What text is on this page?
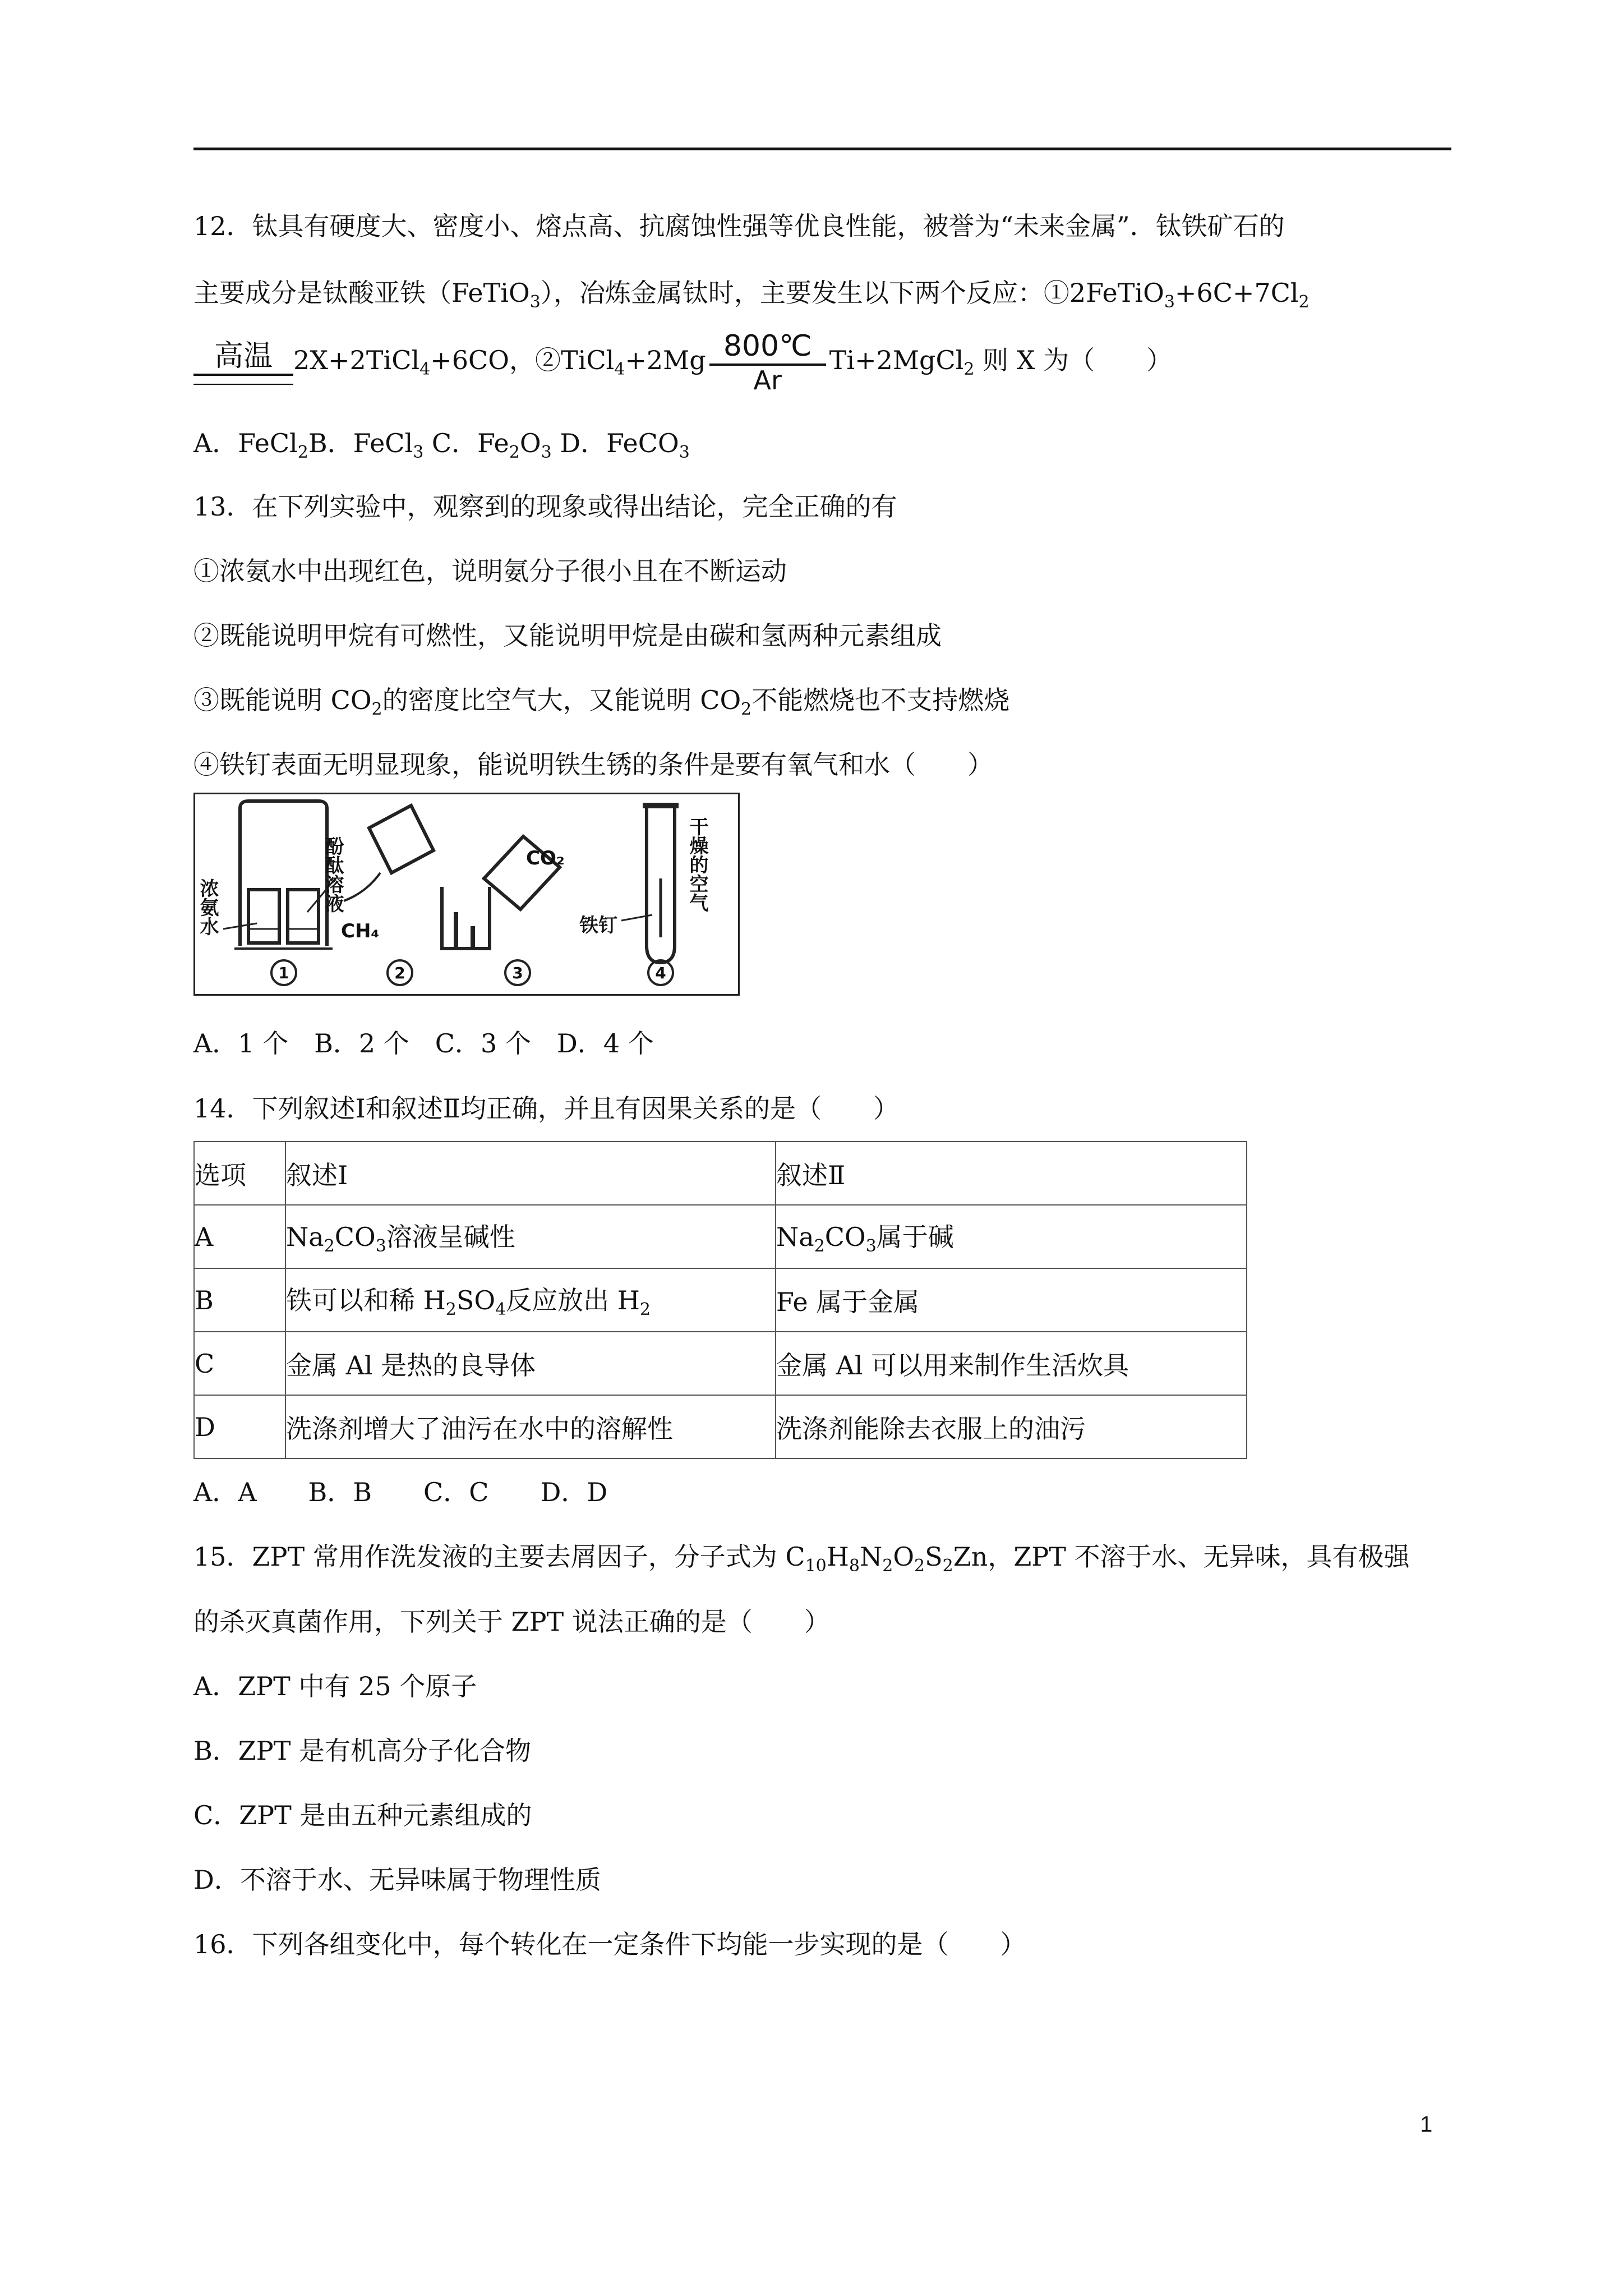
12．钛具有硬度大、密度小、熔点高、抗腐蚀性强等优良性能，被誉为“未来金属”．钛铁矿石的
主要成分是钛酸亚铁（FeTiO$_3$），冶炼金属钛时，主要发生以下两个反应：$①2FeTiO_3+6C+7Cl_2$
高温 2X+2TiCl$_4$+6CO，②TiCl$_4$+2Mg $\frac{800℃}{Ar}$ Ti+2MgCl$_2$ 则 X 为（　　）
A．FeCl$_2$B．FeCl$_3$ C．$Fe_2O_3$ D．FeCO$_3$
13．在下列实验中，观察到的现象或得出结论，完全正确的有
①浓氨水中出现红色，说明氨分子很小且在不断运动
②既能说明甲烷有可燃性，又能说明甲烷是由碳和氢两种元素组成
③既能说明 $CO_2$的密度比空气大，又能说明 $CO_2$不能燃烧也不支持燃烧
④铁钉表面无明显现象，能说明铁生锈的条件是要有氧气和水（　　）
浓氨水	酚酞溶液
CH₄
CO₂
铁钉
干燥的空气
1	2	3	4
A．1 个　B．2 个　C．3 个　D．4 个
14．下列叙述Ⅰ和叙述Ⅱ均正确，并且有因果关系的是（　　）
选项	叙述Ⅰ	叙述Ⅱ
A	$Na_2CO_3$溶液呈碱性	$Na_2CO_3$属于碱
B	铁可以和稀 $H_2SO_4$反应放出 $H_2$	Fe 属于金属
C	金属 Al 是热的良导体	金属 Al 可以用来制作生活炊具
D	洗涤剂增大了油污在水中的溶解性	洗涤剂能除去衣服上的油污
A．A　　B．B　　C．C　　D．D
15．ZPT 常用作洗发液的主要去屑因子，分子式为 $C_{10}H_8N_2O_2S_2Zn$，ZPT 不溶于水、无异味，具有极强
的杀灭真菌作用，下列关于 ZPT 说法正确的是（　　）
A．ZPT 中有 25 个原子
B．ZPT 是有机高分子化合物
C．ZPT 是由五种元素组成的
D．不溶于水、无异味属于物理性质
16．下列各组变化中，每个转化在一定条件下均能一步实现的是（　　）
1
